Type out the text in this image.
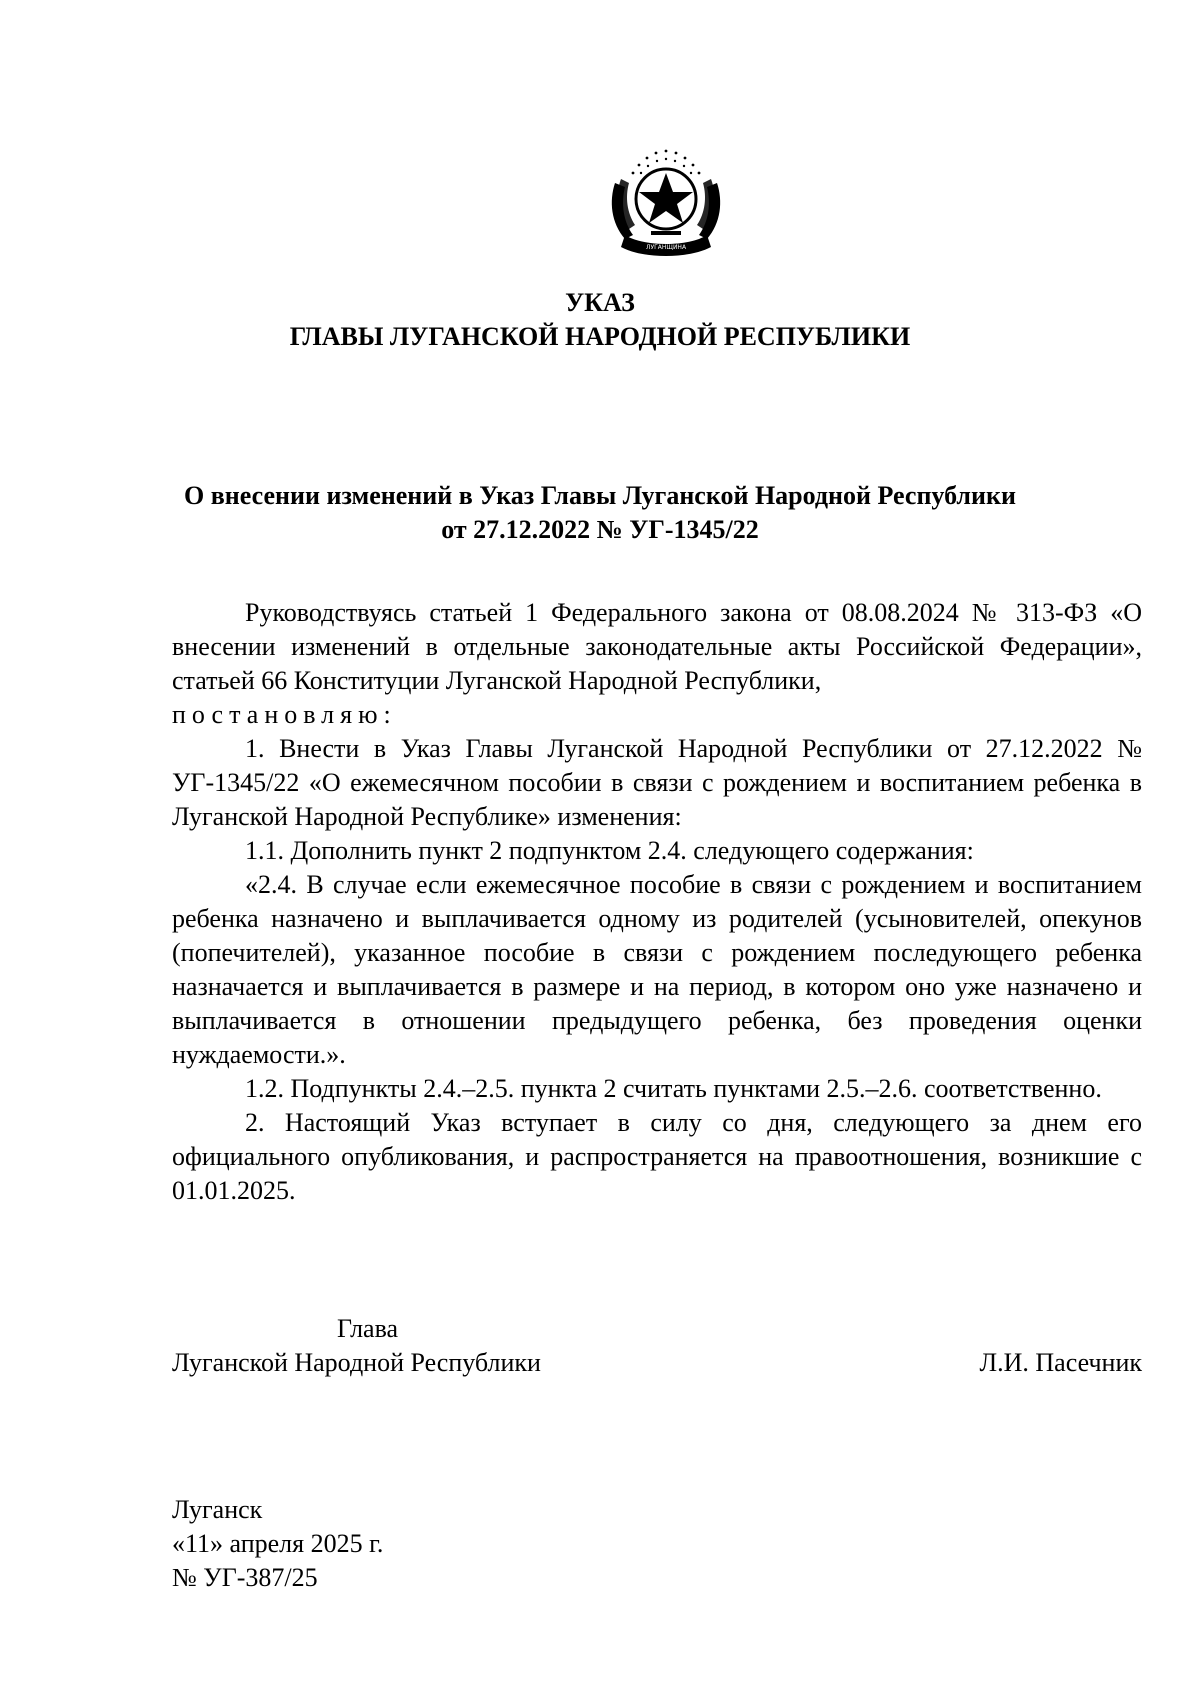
ЛУГАНЩИНА
УКАЗ
ГЛАВЫ ЛУГАНСКОЙ НАРОДНОЙ РЕСПУБЛИКИ
О внесении изменений в Указ Главы Луганской Народной Республики
от 27.12.2022 № УГ-1345/22

Руководствуясь статьей 1 Федерального закона от 08.08.2024 № 313-ФЗ «О внесении изменений в отдельные законодательные акты Российской Федерации», статьей 66 Конституции Луганской Народной Республики,
постановляю:

1. Внести в Указ Главы Луганской Народной Республики от 27.12.2022 № УГ-1345/22 «О ежемесячном пособии в связи с рождением и воспитанием ребенка в Луганской Народной Республике» изменения:

1.1. Дополнить пункт 2 подпунктом 2.4. следующего содержания:

«2.4. В случае если ежемесячное пособие в связи с рождением и воспитанием ребенка назначено и выплачивается одному из родителей (усыновителей, опекунов (попечителей), указанное пособие в связи с рождением последующего ребенка назначается и выплачивается в размере и на период, в котором оно уже назначено и выплачивается в отношении предыдущего ребенка, без проведения оценки нуждаемости.».

1.2. Подпункты 2.4.–2.5. пункта 2 считать пунктами 2.5.–2.6. соответственно.

2. Настоящий Указ вступает в силу со дня, следующего за днем его официального опубликования, и распространяется на правоотношения, возникшие с 01.01.2025.

Глава
Луганской Народной Республики	Л.И. Пасечник
Луганск
«11» апреля 2025 г.
№ УГ-387/25
